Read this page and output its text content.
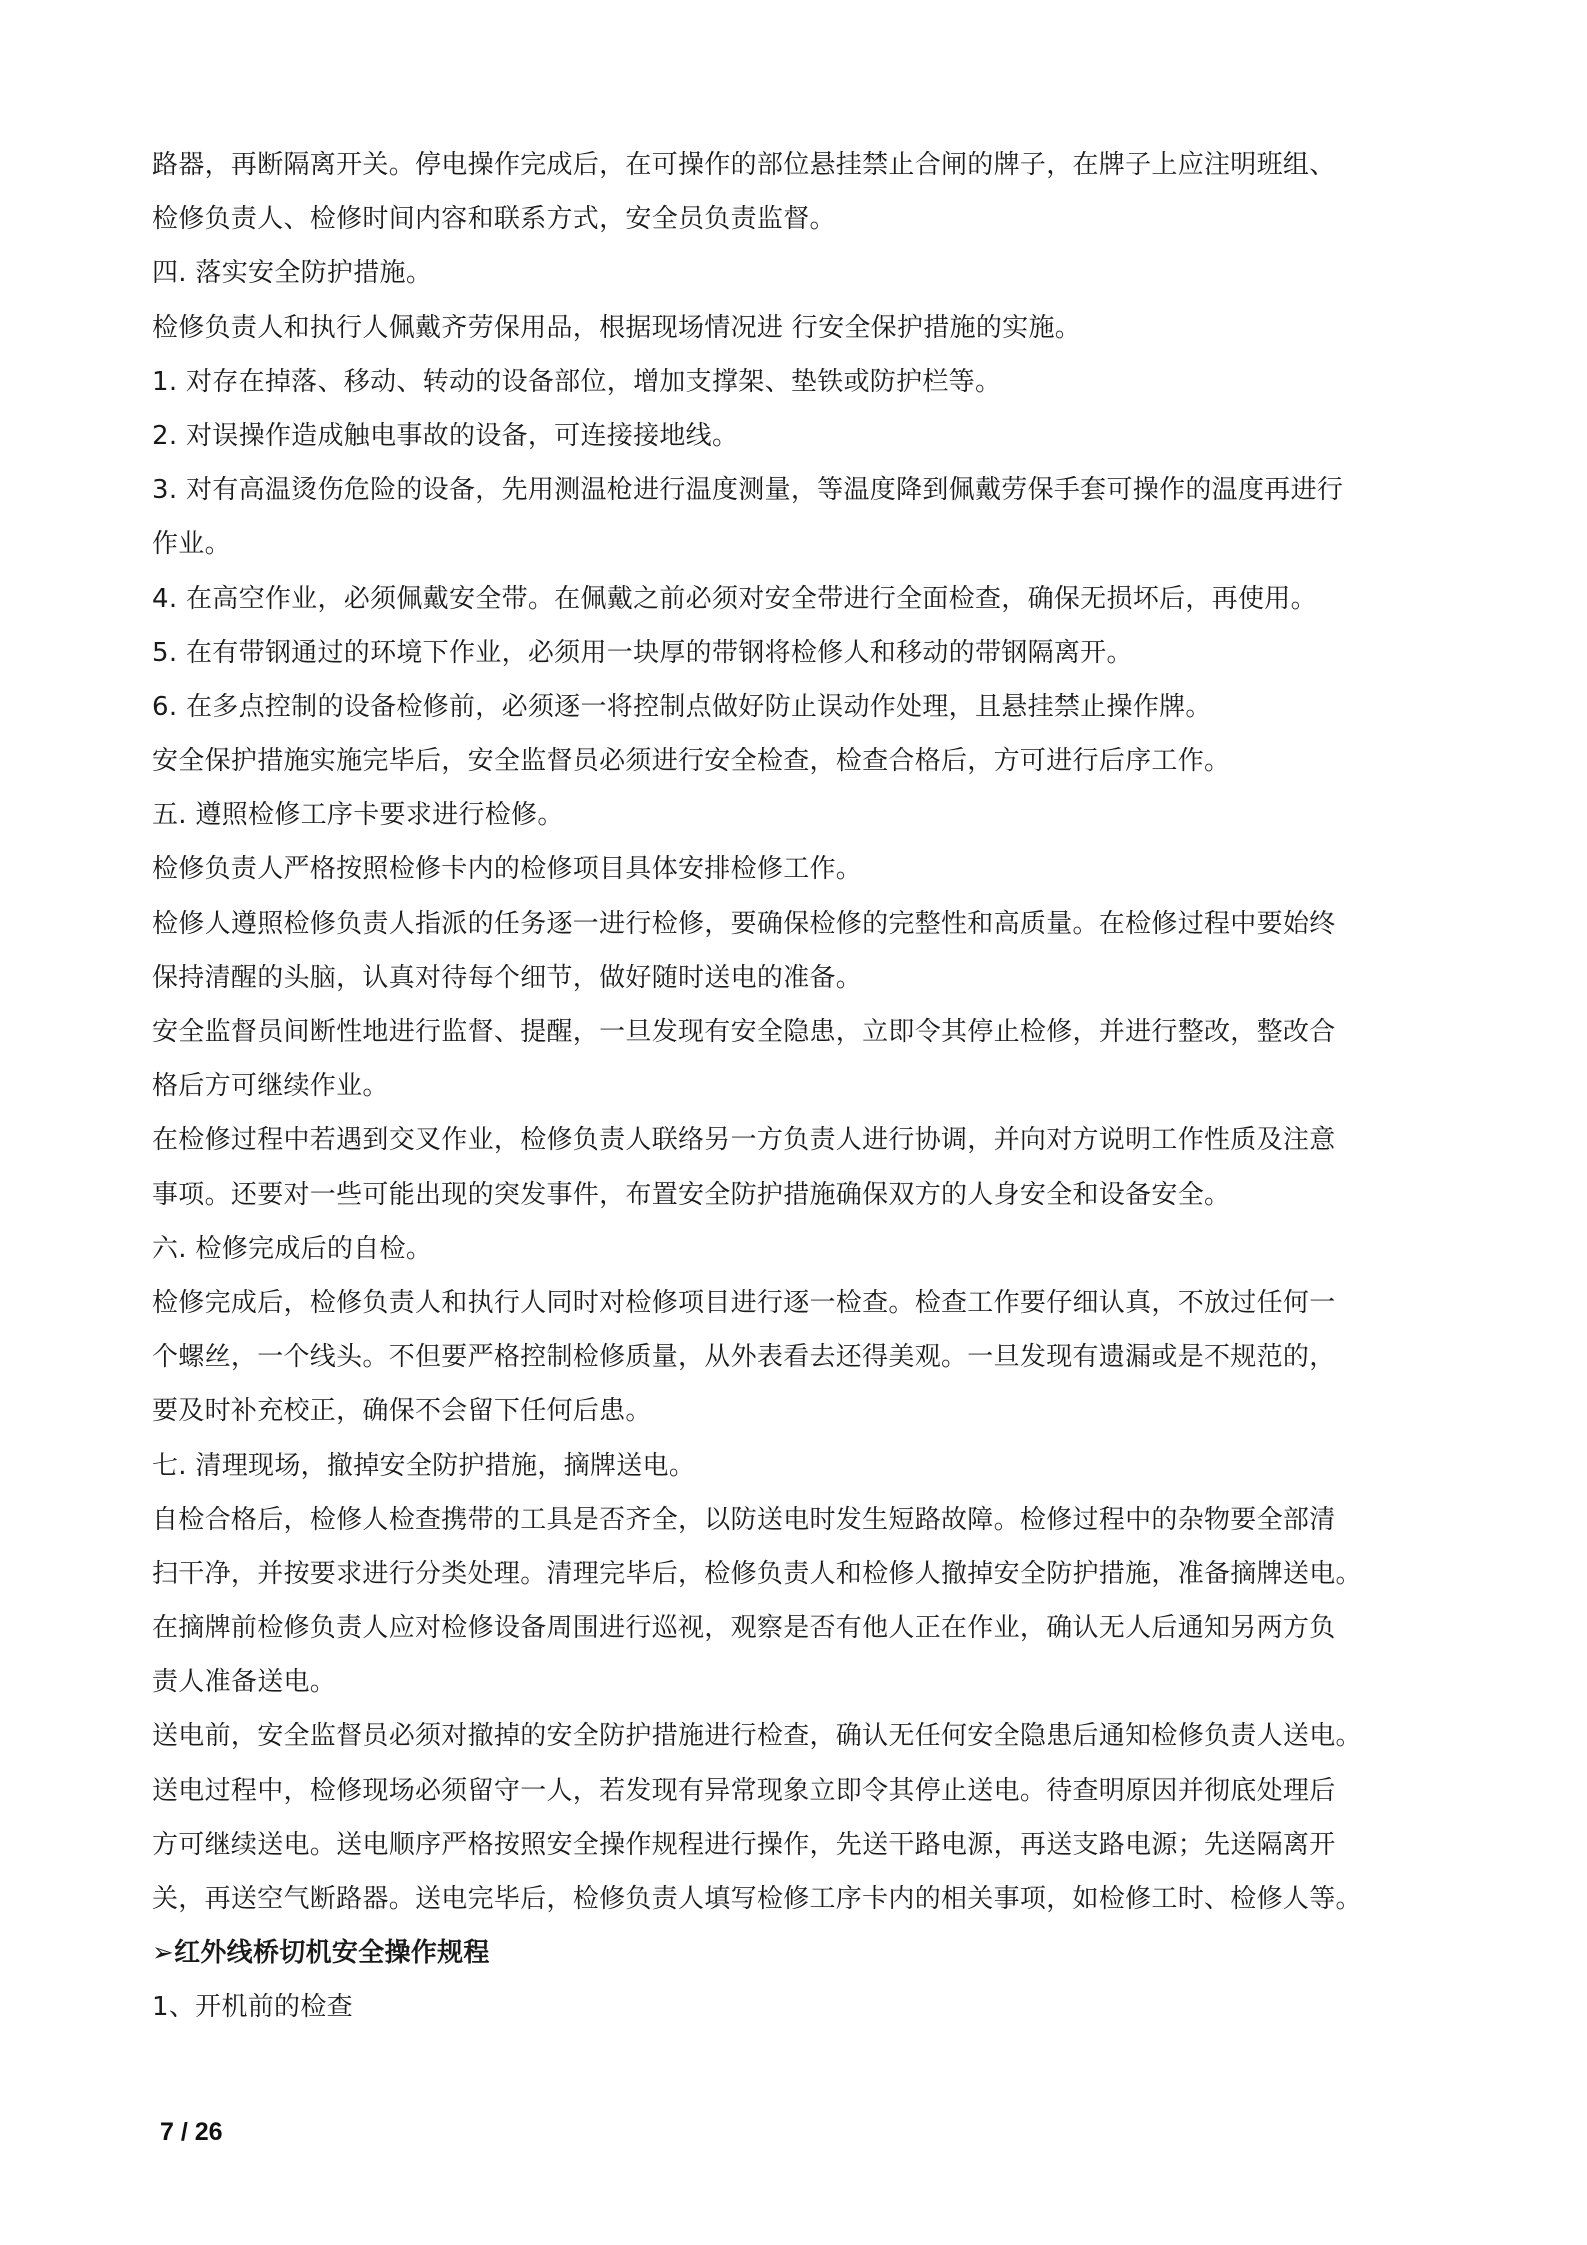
路器，再断隔离开关。停电操作完成后，在可操作的部位悬挂禁止合闸的牌子，在牌子上应注明班组、
检修负责人、检修时间内容和联系方式，安全员负责监督。
四. 落实安全防护措施。
检修负责人和执行人佩戴齐劳保用品，根据现场情况进 行安全保护措施的实施。
1. 对存在掉落、移动、转动的设备部位，增加支撑架、垫铁或防护栏等。
2. 对误操作造成触电事故的设备，可连接接地线。
3. 对有高温烫伤危险的设备，先用测温枪进行温度测量，等温度降到佩戴劳保手套可操作的温度再进行
作业。
4. 在高空作业，必须佩戴安全带。在佩戴之前必须对安全带进行全面检查，确保无损坏后，再使用。
5. 在有带钢通过的环境下作业，必须用一块厚的带钢将检修人和移动的带钢隔离开。
6. 在多点控制的设备检修前，必须逐一将控制点做好防止误动作处理，且悬挂禁止操作牌。
安全保护措施实施完毕后，安全监督员必须进行安全检查，检查合格后，方可进行后序工作。
五. 遵照检修工序卡要求进行检修。
检修负责人严格按照检修卡内的检修项目具体安排检修工作。
检修人遵照检修负责人指派的任务逐一进行检修，要确保检修的完整性和高质量。在检修过程中要始终
保持清醒的头脑，认真对待每个细节，做好随时送电的准备。
安全监督员间断性地进行监督、提醒，一旦发现有安全隐患，立即令其停止检修，并进行整改，整改合
格后方可继续作业。
在检修过程中若遇到交叉作业，检修负责人联络另一方负责人进行协调，并向对方说明工作性质及注意
事项。还要对一些可能出现的突发事件，布置安全防护措施确保双方的人身安全和设备安全。
六. 检修完成后的自检。
检修完成后，检修负责人和执行人同时对检修项目进行逐一检查。检查工作要仔细认真，不放过任何一
个螺丝，一个线头。不但要严格控制检修质量，从外表看去还得美观。一旦发现有遗漏或是不规范的，
要及时补充校正，确保不会留下任何后患。
七. 清理现场，撤掉安全防护措施，摘牌送电。
自检合格后，检修人检查携带的工具是否齐全，以防送电时发生短路故障。检修过程中的杂物要全部清
扫干净，并按要求进行分类处理。清理完毕后，检修负责人和检修人撤掉安全防护措施，准备摘牌送电。
在摘牌前检修负责人应对检修设备周围进行巡视，观察是否有他人正在作业，确认无人后通知另两方负
责人准备送电。
送电前，安全监督员必须对撤掉的安全防护措施进行检查，确认无任何安全隐患后通知检修负责人送电。
送电过程中，检修现场必须留守一人，若发现有异常现象立即令其停止送电。待查明原因并彻底处理后
方可继续送电。送电顺序严格按照安全操作规程进行操作，先送干路电源，再送支路电源；先送隔离开
关，再送空气断路器。送电完毕后，检修负责人填写检修工序卡内的相关事项，如检修工时、检修人等。
➢红外线桥切机安全操作规程
1、开机前的检查
7 / 26
